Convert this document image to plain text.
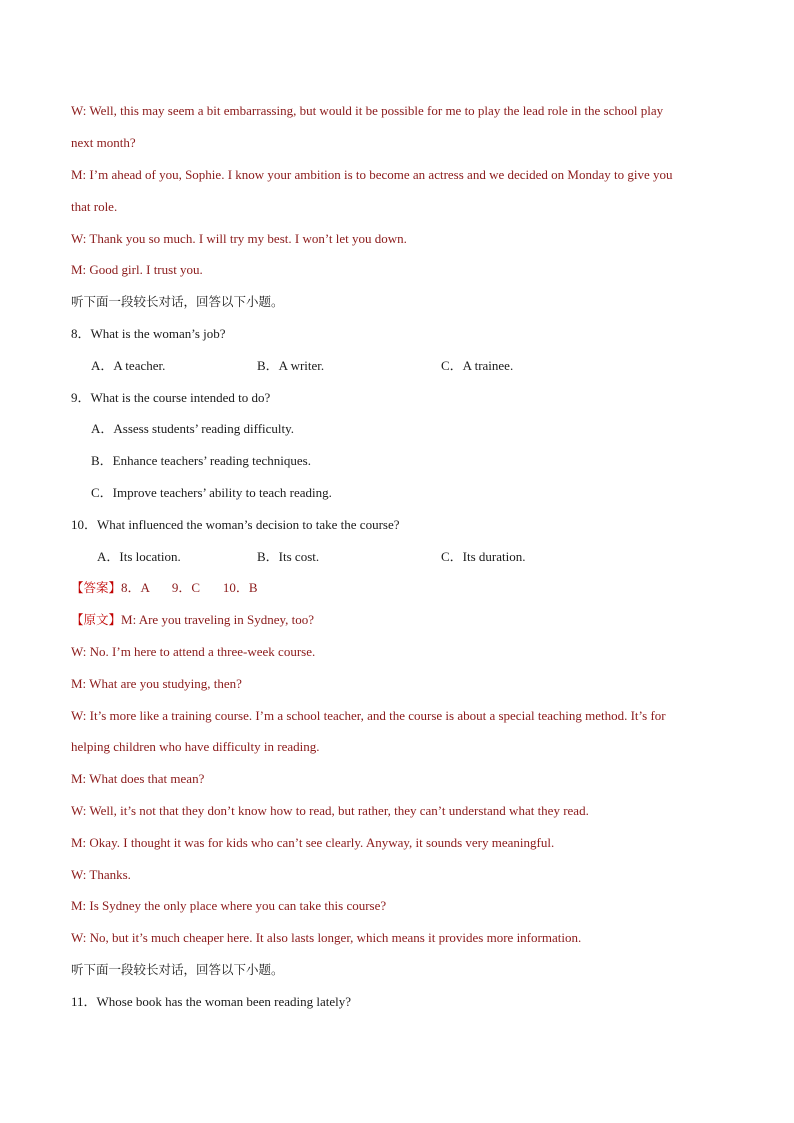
W: Well, this may seem a bit embarrassing, but would it be possible for me to play the lead role in the school play
next month?
M: I’m ahead of you, Sophie. I know your ambition is to become an actress and we decided on Monday to give you
that role.
W: Thank you so much. I will try my best. I won’t let you down.
M: Good girl. I trust you.
听下面一段较长对话，回答以下小题。
8．What is the woman’s job?
A．A teacher.	B．A writer.	C．A trainee.
9．What is the course intended to do?
A．Assess students’ reading difficulty.
B．Enhance teachers’ reading techniques.
C．Improve teachers’ ability to teach reading.
10．What influenced the woman’s decision to take the course?
A．Its location.	B．Its cost.	C．Its duration.
【答案】8．A       9．C       10．B
【原文】M: Are you traveling in Sydney, too?
W: No. I’m here to attend a three-week course.
M: What are you studying, then?
W: It’s more like a training course. I’m a school teacher, and the course is about a special teaching method. It’s for
helping children who have difficulty in reading.
M: What does that mean?
W: Well, it’s not that they don’t know how to read, but rather, they can’t understand what they read.
M: Okay. I thought it was for kids who can’t see clearly. Anyway, it sounds very meaningful.
W: Thanks.
M: Is Sydney the only place where you can take this course?
W: No, but it’s much cheaper here. It also lasts longer, which means it provides more information.
听下面一段较长对话，回答以下小题。
11．Whose book has the woman been reading lately?
